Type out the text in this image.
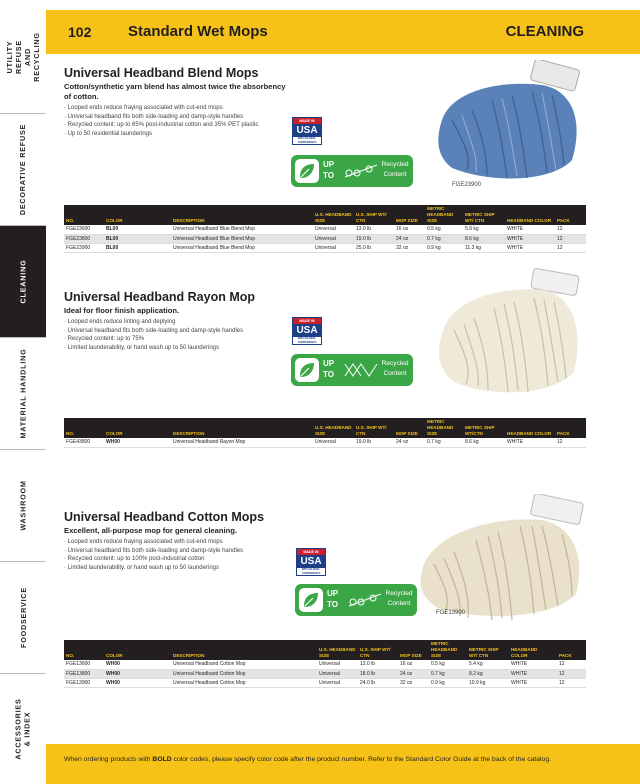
UTILITY REFUSE AND RECYCLING
DECORATIVE REFUSE
CLEANING
MATERIAL HANDLING
WASHROOM
FOODSERVICE
ACCESSORIES & INDEX
102 Standard Wet Mops	CLEANING
Universal Headband Blend Mops
Cotton/synthetic yarn blend has almost twice the absorbency of cotton.
· Looped ends reduce fraying associated with cut-end mops
· Universal headband fits both side-loading and damp-style handles
· Recycled content: up to 65% post-industrial cotton and 35% PET plastic
· Up to 50 residential launderings
MADE IN
USA
WITH GLOBAL COMPONENTS
UP TO
Recycled Content
FGE23900
NO.	COLOR	DESCRIPTION	U.S. HEADBAND SIZE	U.S. SHIP WT/ CTN	MOP SIZE	METRIC HEADBAND SIZE	METRIC SHIP WT/ CTN	HEADBAND COLOR	PACK
FGE23600	BL00	Universal Headband Blue Blend Mop	Universal	13.0 lb	16 oz	0.5 kg	5.9 kg	WHITE	12
FGE23800	BL00	Universal Headband Blue Blend Mop	Universal	19.0 lb	24 oz	0.7 kg	8.6 kg	WHITE	12
FGE23900	BL00	Universal Headband Blue Blend Mop	Universal	25.0 lb	32 oz	0.9 kg	11.3 kg	WHITE	12
Universal Headband Rayon Mop
Ideal for floor finish application.
· Looped ends reduce linting and deplying
· Universal headband fits both side-loading and damp-style handles
· Recycled content: up to 75%
· Limited launderability, or hand wash up to 50 launderings
MADE IN
USA
WITH GLOBAL COMPONENTS
UP TO
Recycled Content
NO.	COLOR	DESCRIPTION	U.S. HEADBAND SIZE	U.S. SHIP WT/ CTN	MOP SIZE	METRIC HEADBAND SIZE	METRIC SHIP WT/CTN	HEADBAND COLOR	PACK
FGE43800	WH00	Universal Headband Rayon Mop	Universal	19.0 lb	24 oz	0.7 kg	8.6 kg	WHITE	12
Universal Headband Cotton Mops
Excellent, all-purpose mop for general cleaning.
· Looped ends reduce fraying associated with cut-end mops
· Universal headband fits both side-loading and damp-style handles
· Recycled content: up to 100% post-industrial cotton
· Limited launderability, or hand wash up to 50 launderings
MADE IN
USA
WITH GLOBAL COMPONENTS
UP TO
Recycled Content
FGE13900
NO.	COLOR	DESCRIPTION	U.S. HEADBAND SIZE	U.S. SHIP WT/ CTN	MOP SIZE	METRIC HEADBAND SIZE	METRIC SHIP WT/ CTN	HEADBAND COLOR	PACK
FGE13600	WH00	Universal Headband Cotton Mop	Universal	12.0 lb	16 oz	0.5 kg	5.4 kg	WHITE	12
FGE13800	WH00	Universal Headband Cotton Mop	Universal	18.0 lb	24 oz	0.7 kg	8.2 kg	WHITE	12
FGE13900	WH00	Universal Headband Cotton Mop	Universal	24.0 lb	32 oz	0.9 kg	10.9 kg	WHITE	12
When ordering products with BOLD color codes, please specify color code after the product number. Refer to the Standard Color Guide at the back of the catalog.
